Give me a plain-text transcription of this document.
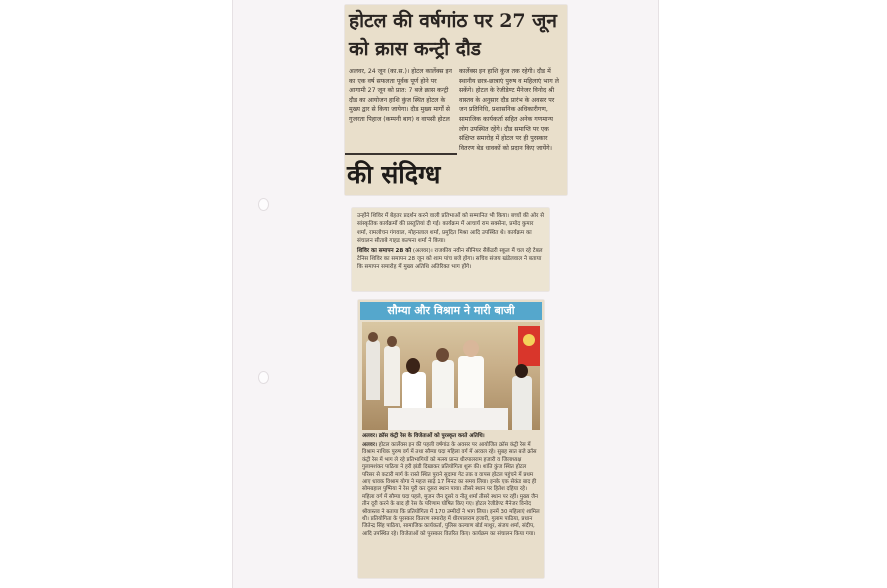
होटल की वर्षगांठ पर 27 जून को क्रास कन्ट्री दौड

अलवर, 24 जून (का.स.)। होटल कार्लेक्स इन का एक वर्ष सफलता पूर्वक पूर्ण होने पर आगामी 27 जून को प्रात: 7 बजे क्रास कन्ट्री दौड का आयोजन हाशि कुंज स्थित होटल के मुख्य द्वार से किया जायेगा। दौड मुख्य मार्गों से गुजरता पिहाज (कम्पनी बाग) व वापसी होटल

कार्लेक्स इन हाशि कुंज तक रहेगी। दौड में स्थानीय छात्र-छात्राएं पुरुष व महिलाएं भाग ले सकेंगे। होटल के रेजीडेण्ट मैनेजर विनोद श्री वास्तव के अनुसार दौड प्रारंभ के अवसर पर जन प्रतिनिधि, प्रशासनिक अधिकारीगण, सामाजिक कार्यकर्ता सहित अनेक गणमान्य लोग उपस्थित रहेंगे। दौड समाप्ति पर एक संक्षिप्त समारोह में होटल पर ही पुरस्कार वितरण बेड धावकों को प्रदान किए जायेंगे।

की संदिग्ध

उन्होंने शिविर में बेहतर प्रदर्शन करने वाली प्रतिभाओं को सम्मानित भी किया। बच्चों की ओर से सांस्कृतिक कार्यक्रमों की प्रस्तुतियां दी गई। कार्यक्रम में आचार्य राम सक्सेना, प्रमोद कुमार शर्मा, रामलोचन गंगवाल, मोहनलाल शर्मा, प्रमुदित मिश्रा आदि उपस्थित थे। कार्यक्रम का संचालन सीताबे गाहड कल्पना शर्मा ने किया।

शिविर का समापन 28 को (अलवर)। राजकीय नवीन सीनियर सैकेंडरी स्कूल में चल रहे टेबल टेनिस शिविर का समापन 28 जून को शाम पांच बजे होगा। सचिव संजय खंडेलवाल ने बताया कि समापन समारोह में मुख्य अतिथि अतिरिक्त भाग होंगे।

सौम्या और विश्राम ने मारी बाजी
अलवर। क्रॉस कंट्री रेस के विजेताओं को पुरस्कृत करते अतिथि।

अलवर। होटल कार्लेक्स इन की पहली वर्षगांठ के अवसर पर आयोजित क्रॉस कंट्री रेस में विश्राम नाथिक पुरुष वर्ग में तथा सौम्या घदा महिला वर्ग में अव्वल रहे। सुबह सात बजे क्रॉस कंट्री रेस में भाग ले रहे प्रतिभागियों को मत्स्य प्रान्त धीरपालराम हजारी व जिलाध्यक्ष गुलामशंकर पाठिया ने हरी झंडी दिखाकर प्रतियोगिता शुरू की। शांति कुंज स्थित होटल परिसर से कटारी मार्ग के रास्ते स्थित पुराने सुदामा गेट तक व वापस होटल पहुंचने में प्रथम आए धावक विश्राम योगा ने महज साढ़े 17 मिनट का समय लिया। इनके एक सेकंड बाद ही सोमबहाल पुष्पिया ने रेस पूरी कर दूसरा स्थान पाया। तीसरे स्थान पर हितेश दहिया रहे। महिला वर्ग में सौम्या घदा पहले, मुजन जैन दूसरे व नीतू शर्मा तीसरे स्थान पर रहीं। मुख्य जैन तीन दूरी करने के बाद ही रेस के परिणाम घोषित किए गए। होटल रेजीडेण्ट मैनेजर विनोद श्रीवास्तव ने बताया कि प्रतियोगिता में 170 उम्मीदों ने भाग लिया। इनमें 30 महिलाएं शामिल थी। प्रतियोगिता के पुरस्कार वितरण समारोह में धीरपालराम हजारी, गुलाम पाठिया, प्रधान जितेन्द्र सिंह पाठिया, सामाजिक कार्यकर्ता, पुलिस कल्याण बोर्ड माथुर, संजय शर्मा, संदीप, आदि उपस्थित रहे। विजेताओं को पुरस्कार वितरित किए। कार्यक्रम का संचालन किया गया।
